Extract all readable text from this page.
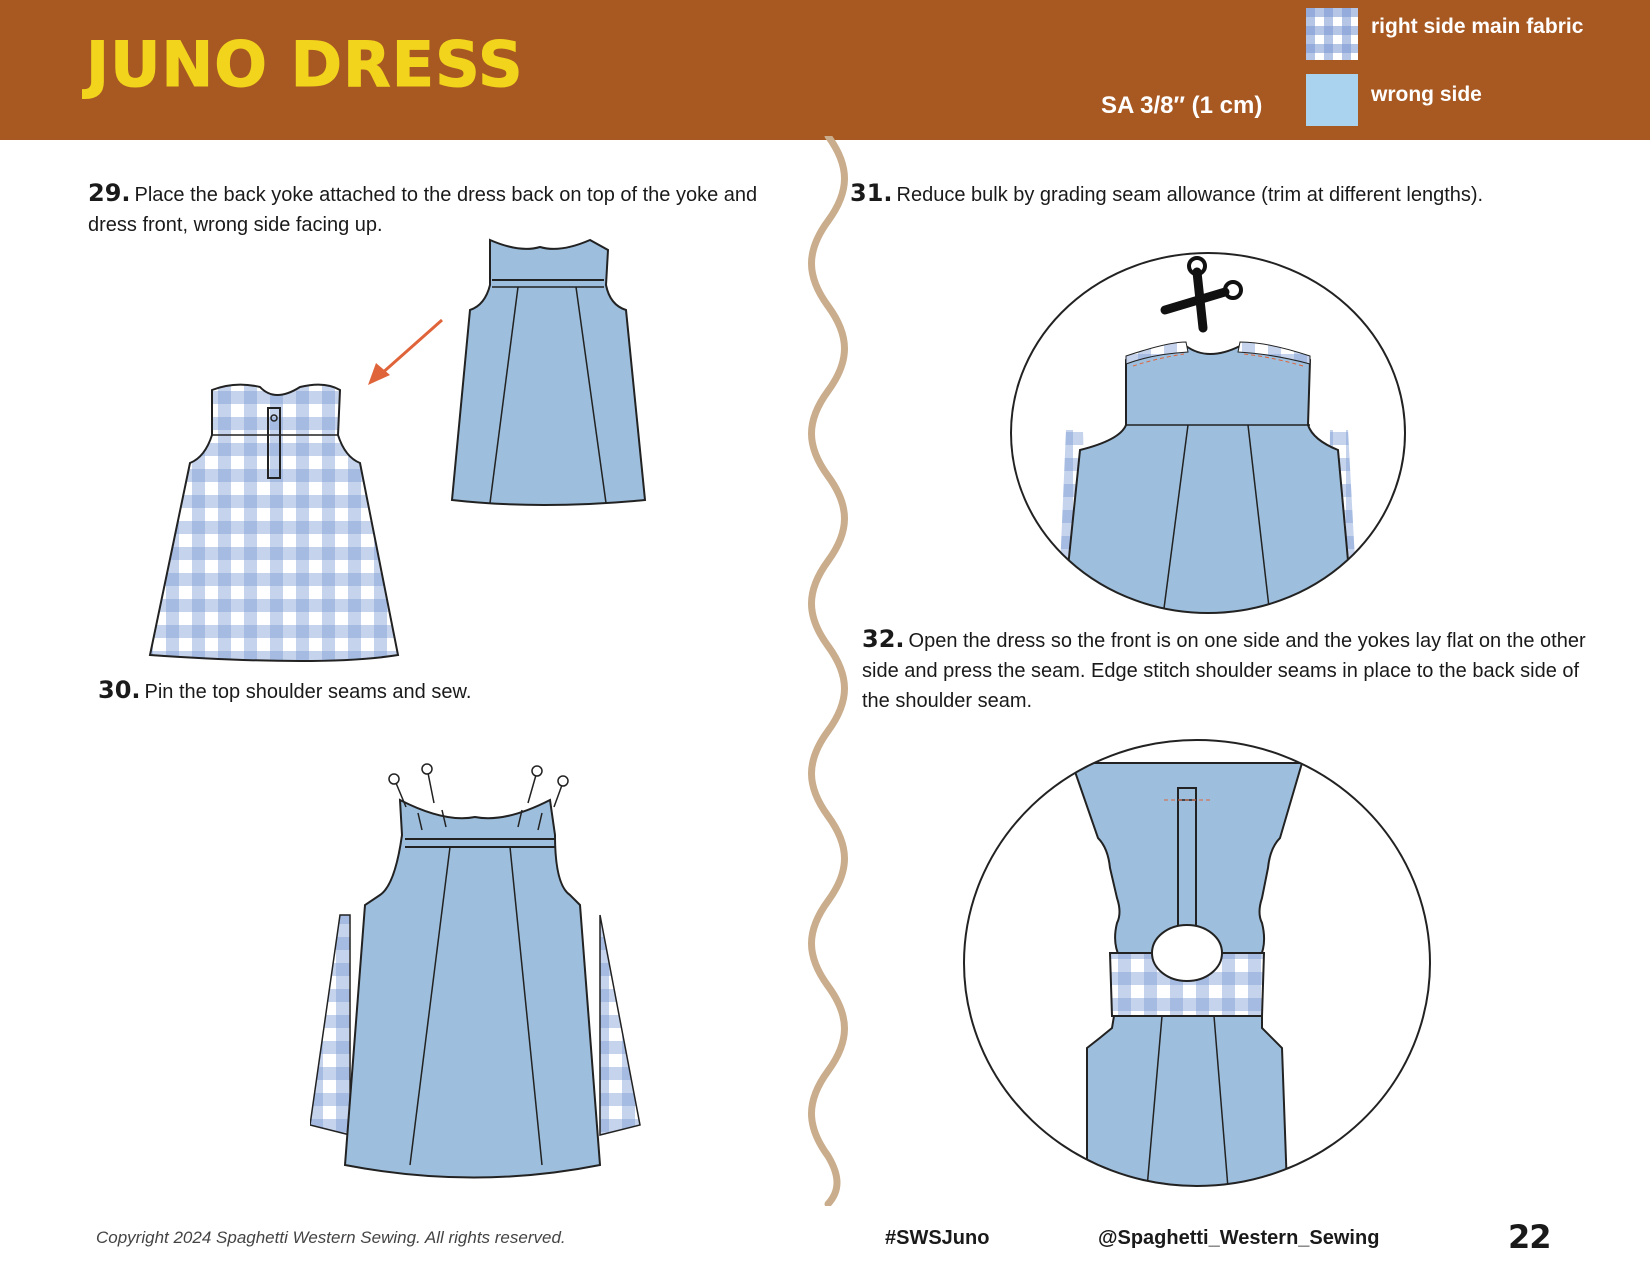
JUNO DRESS
SA 3/8″ (1 cm)
right side main fabric
wrong side
29. Place the back yoke attached to the dress back on top of the yoke and dress front, wrong side facing up.
30. Pin the top shoulder seams and sew.
31. Reduce bulk by grading seam allowance (trim at different lengths).
32. Open the dress so the front is on one side and the yokes lay flat on the other side and press the seam. Edge stitch shoulder seams in place to the back side of the shoulder seam.
Copyright 2024 Spaghetti Western Sewing. All rights reserved.	#SWSJuno	@Spaghetti_Western_Sewing	22
